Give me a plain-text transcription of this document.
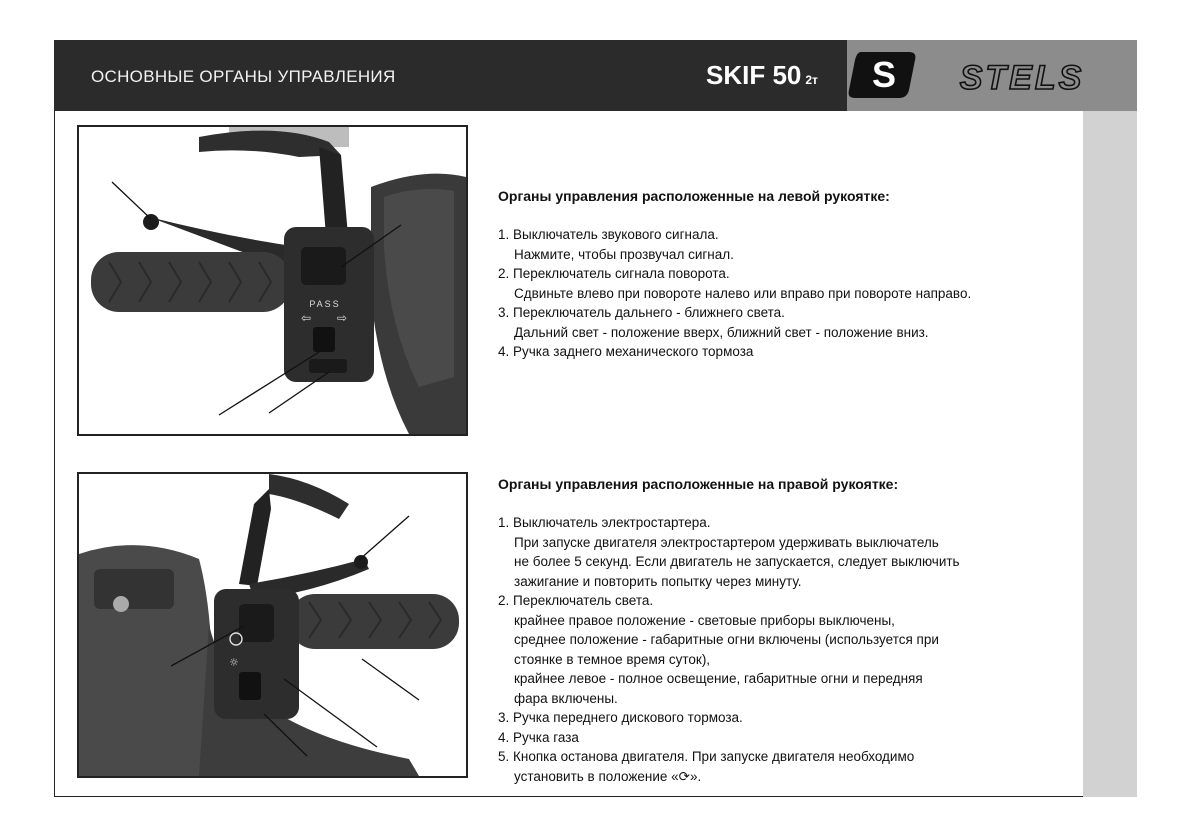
ОСНОВНЫЕ ОРГАНЫ УПРАВЛЕНИЯ	SKIF 50 2т S STELS
PASS
⇦ ⇨
Органы управления расположенные на левой рукоятке:
1. Выключатель звукового сигнала.
Нажмите, чтобы прозвучал сигнал.
2. Переключатель сигнала поворота.
Сдвиньте влево при повороте налево или вправо при повороте направо.
3. Переключатель дальнего - ближнего света.
Дальний свет - положение вверх, ближний свет - положение вниз.
4. Ручка заднего механического тормоза
☼
Органы управления расположенные на правой рукоятке:
1. Выключатель электростартера.
При запуске двигателя электростартером удерживать выключатель
не более 5 секунд. Если двигатель не запускается, следует выключить
зажигание и повторить попытку через минуту.
2. Переключатель света.
крайнее правое положение - световые приборы выключены,
среднее положение - габаритные огни включены (используется при
стоянке в темное время суток),
крайнее левое - полное освещение, габаритные огни и передняя
фара включены.
3. Ручка переднего дискового тормоза.
4. Ручка газа
5. Кнопка останова двигателя. При запуске двигателя необходимо
установить в положение «⟳».
